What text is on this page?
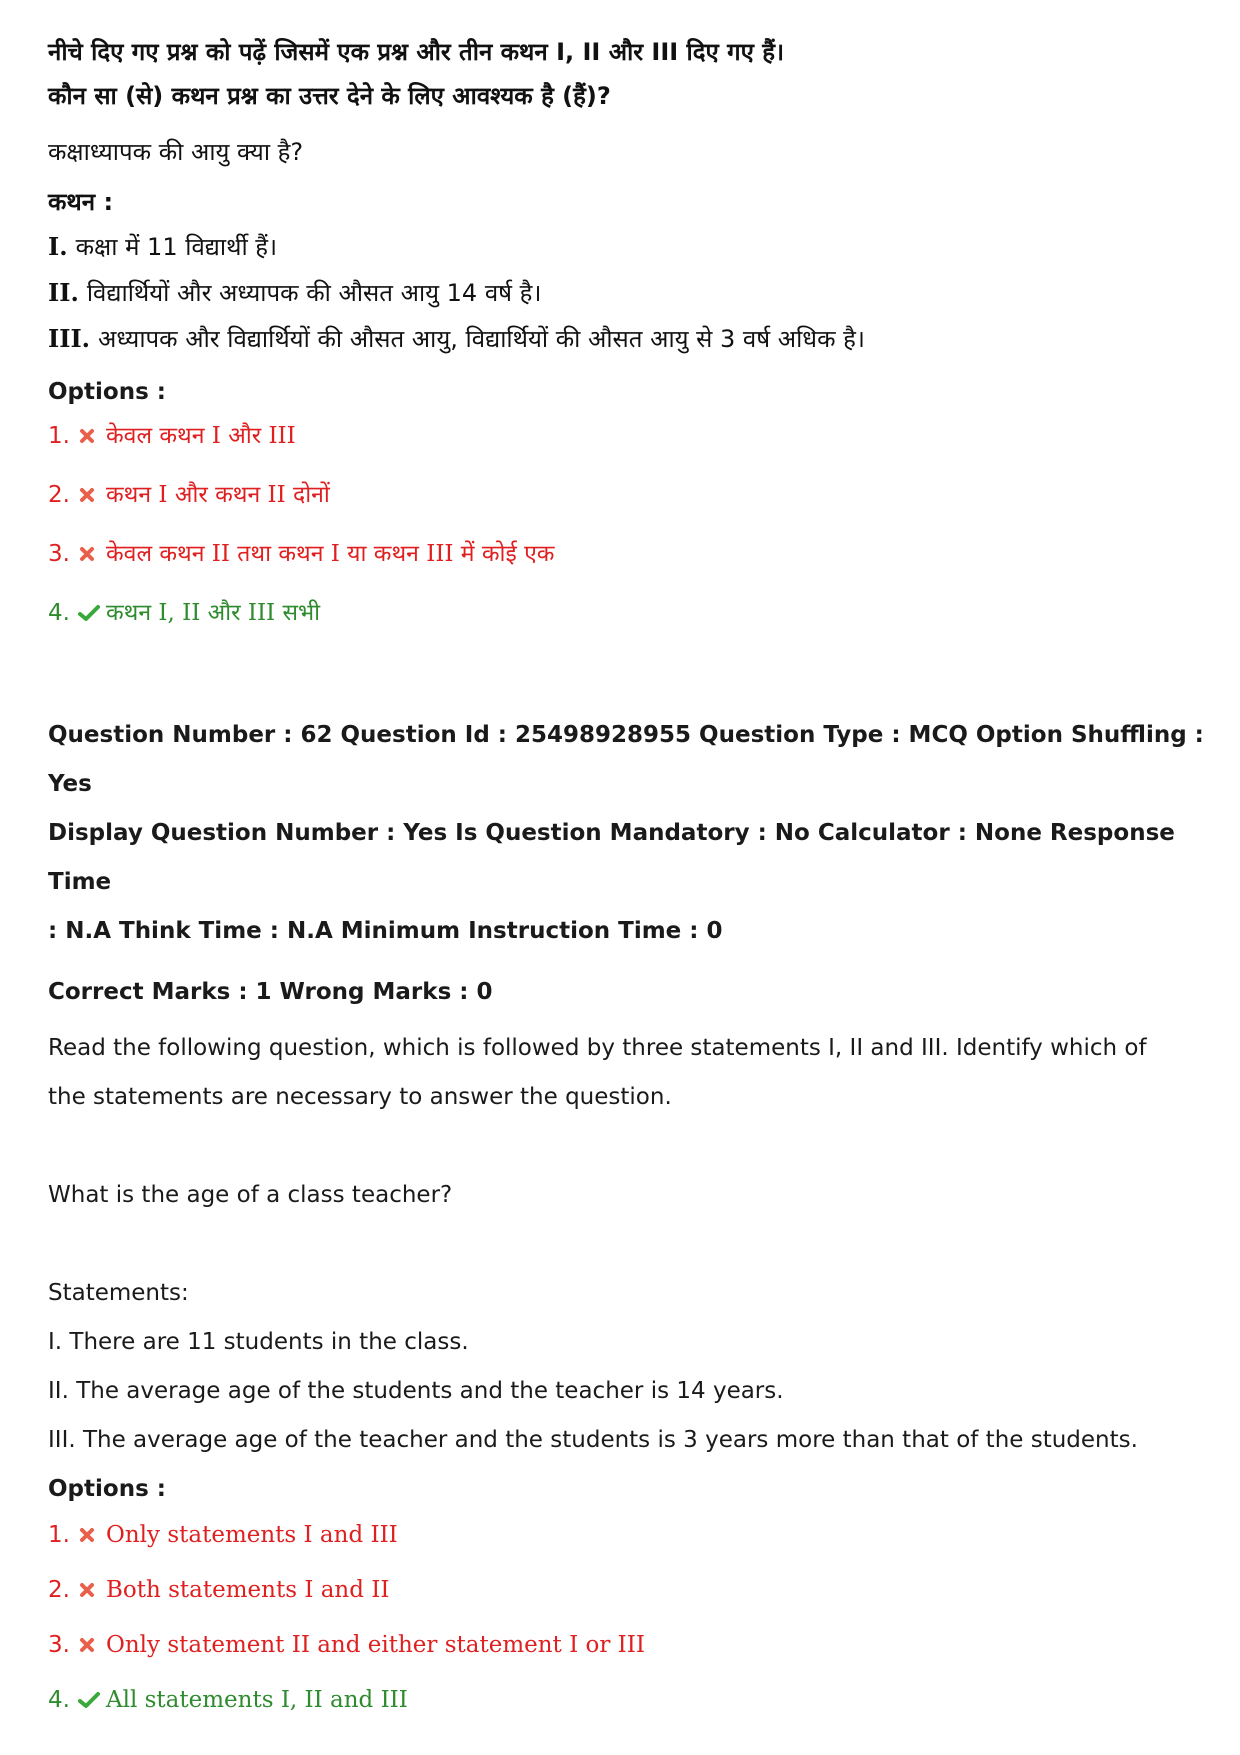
नीचे दिए गए प्रश्न को पढ़ें जिसमें एक प्रश्न और तीन कथन I, II और III दिए गए हैं।

कौन सा (से) कथन प्रश्न का उत्तर देने के लिए आवश्यक है (हैं)?

कक्षाध्यापक की आयु क्या है?

कथन :

I. कक्षा में 11 विद्यार्थी हैं।

II. विद्यार्थियों और अध्यापक की औसत आयु 14 वर्ष है।

III. अध्यापक और विद्यार्थियों की औसत आयु, विद्यार्थियों की औसत आयु से 3 वर्ष अधिक है।

Options :

1.	केवल कथन I और III
2.	कथन I और कथन II दोनों
3.	केवल कथन II तथा कथन I या कथन III में कोई एक
4.	कथन I, II और III सभी

Question Number : 62 Question Id : 25498928955 Question Type : MCQ Option Shuffling : Yes

Display Question Number : Yes Is Question Mandatory : No Calculator : None Response Time

: N.A Think Time : N.A Minimum Instruction Time : 0

Correct Marks : 1 Wrong Marks : 0

Read the following question, which is followed by three statements I, II and III. Identify which of

the statements are necessary to answer the question.

What is the age of a class teacher?

Statements:

I. There are 11 students in the class.

II. The average age of the students and the teacher is 14 years.

III. The average age of the teacher and the students is 3 years more than that of the students.

Options :

1.	Only statements I and III
2.	Both statements I and II
3.	Only statement II and either statement I or III
4.	All statements I, II and III
